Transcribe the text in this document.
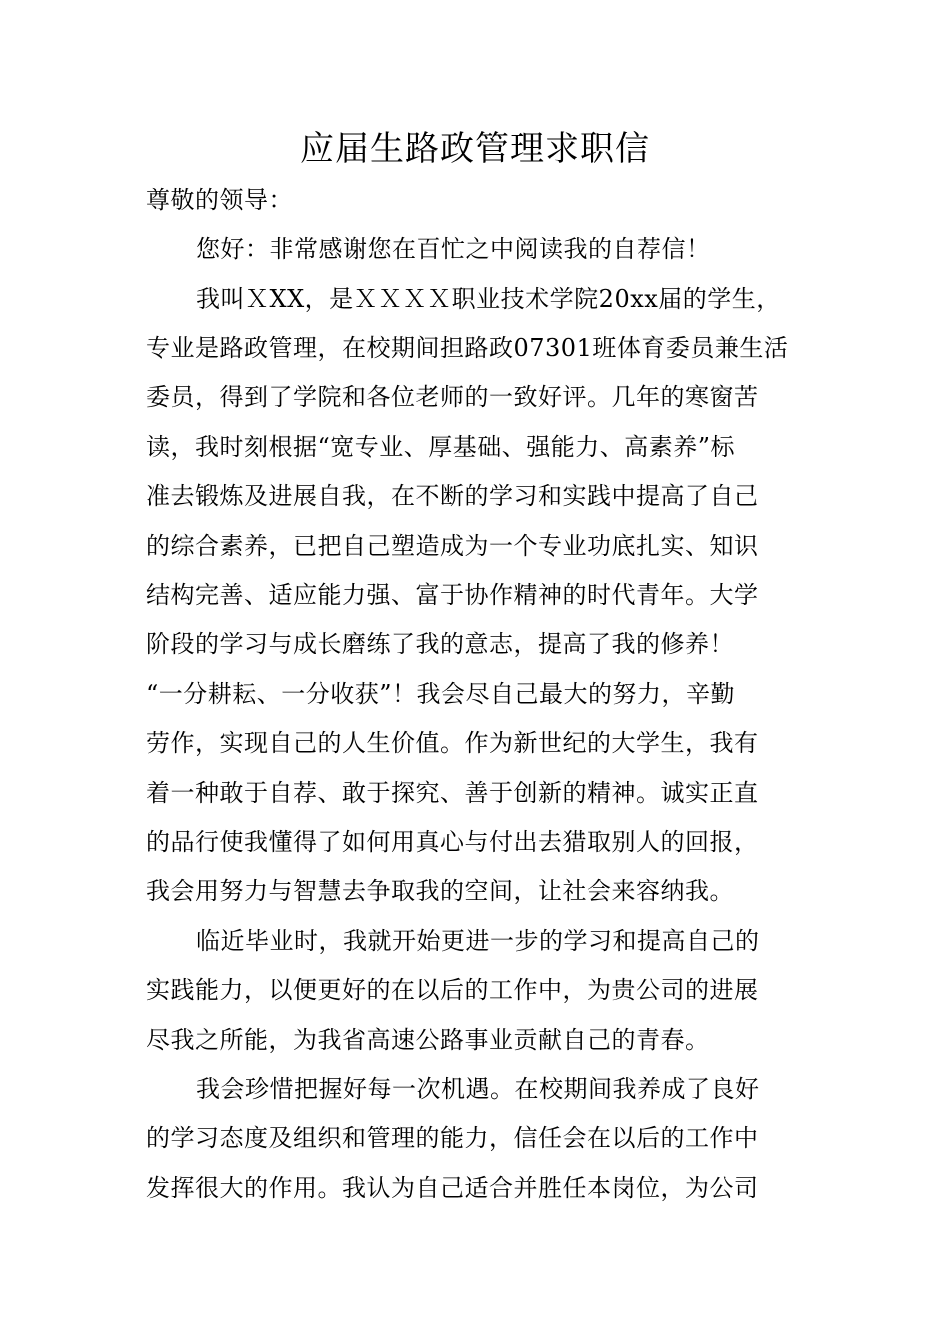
应届生路政管理求职信
尊敬的领导：
您好：非常感谢您在百忙之中阅读我的自荐信！
我叫ＸXX，是ＸＸＸＸ职业技术学院20xx届的学生，
专业是路政管理，在校期间担路政07301班体育委员兼生活
委员，得到了学院和各位老师的一致好评。几年的寒窗苦
读，我时刻根据“宽专业、厚基础、强能力、高素养”标
准去锻炼及进展自我，在不断的学习和实践中提高了自己
的综合素养，已把自己塑造成为一个专业功底扎实、知识
结构完善、适应能力强、富于协作精神的时代青年。大学
阶段的学习与成长磨练了我的意志，提高了我的修养！
“一分耕耘、一分收获”！我会尽自己最大的努力，辛勤
劳作，实现自己的人生价值。作为新世纪的大学生，我有
着一种敢于自荐、敢于探究、善于创新的精神。诚实正直
的品行使我懂得了如何用真心与付出去猎取别人的回报，
我会用努力与智慧去争取我的空间，让社会来容纳我。
临近毕业时，我就开始更进一步的学习和提高自己的
实践能力，以便更好的在以后的工作中，为贵公司的进展
尽我之所能，为我省高速公路事业贡献自己的青春。
我会珍惜把握好每一次机遇。在校期间我养成了良好
的学习态度及组织和管理的能力，信任会在以后的工作中
发挥很大的作用。我认为自己适合并胜任本岗位，为公司
